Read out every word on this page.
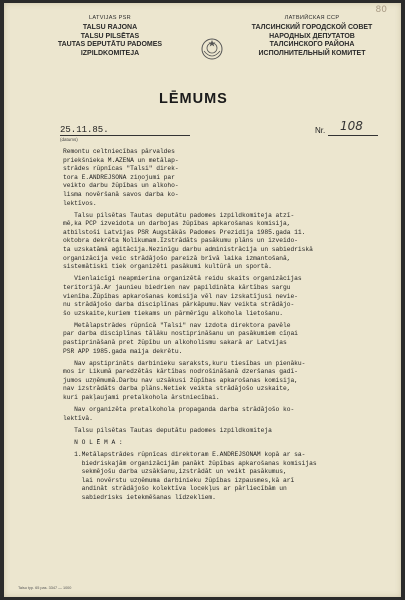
80
LATVIJAS PSR
TALSU RAJONA
TALSU PILSĒTAS
TAUTAS DEPUTĀTU PADOMES
IZPILDKOMITEJA
ЛАТВИЙСКАЯ ССР
ТАЛСИНСКИЙ ГОРОДСКОЙ СОВЕТ
НАРОДНЫХ ДЕПУТАТОВ
ТАЛСИНСКОГО РАЙОНА
ИСПОЛНИТЕЛЬНЫЙ КОМИТЕТ
LĒMUMS
25.11.85.
(datums)
Nr. 108
Remontu celtniecības pārvaldes
priekšnieka M.AZENA un metālap-
strādes rūpnīcas "Talsi" direk-
tora E.ANDREJSONA ziņojumi par
veikto darbu žūpības un alkoho-
lisma novēršanā savos darba ko-
lektīvos.
Talsu pilsētas Tautas deputātu padomes izpildkomiteja atzī-
mē,ka PCP izveidota un darbojas žūpības apkarošanas komisija,
atbilstoši Latvijas PSR Augstākās Padomes Prezidija 1985.gada 11.
oktobra dekrēta Nolikumam.Izstrādāts pasākumu plāns un izveido-
ta uzskatāmā aģitācija.Nezinīgu darbu administrācija un sabiedriskā
organizācija veic strādājošo pareizā brīvā laika izmantošanā,
sistemātiski tiek organizēti pasākumi kultūrā un sportā.
Vienlaicīgi neapmierina organizētā reidu skaits organizācijas
teritorijā.Ar jaunieu biedrien nav papildināta kārtības sargu
vienība.Žūpības apkarošanas komisija vēl nav izskatījusi nevie-
nu strādājošo darba disciplīnas pārkāpumu.Nav veikta strādājo-
šo uzskaite,kuriem tiekams un pārmērīgu alkohola lietošanu.
Metālapstrādes rūpnīcā "Talsi" nav izdota direktora pavēle
par darba disciplīnas tālāku nostiprināšanu un pasākumiem cīņai
pastiprināšanā pret žūpību un alkoholismu sakarā ar Latvijas
PSR APP 1985.gada maija dekrētu.
Nav apstiprināts darbinieku saraksts,kuru tiesības un pienāku-
mos ir Likumā paredzētās kārtības nodrošināšanā dzeršanas gadī-
jumos uzņēmumā.Darbu nav uzsākusi žūpības apkarošanas komisija,
nav izstrādāts darba plāns.Netiek veikta strādājošo uzskaite,
kuri pakļaujami pretalkohola ārstniecībai.
Nav organizēta pretalkohola propaganda darba strādājošo ko-
lektīvā.
Talsu pilsētas Tautas deputātu padomes izpildkomiteja
N O L Ē M A :
1.Metālapstrādes rūpnīcas direktoram E.ANDREJSONAM kopā ar sa-
biedriskajām organizācijām panākt žūpības apkarošanas komisijas
sekmējošu darba uzsākšanu,izstrādāt un veikt pasākumus,
lai novērstu uzņēmuma darbinieku žūpības izpausmes,kā arī
andināt strādājošo kolektīva locekļus ar pārliecībām un
sabiedrisks ietekmēšanas līdzekliem.
Talsu typ. 65 pas. 3347 — 1000
